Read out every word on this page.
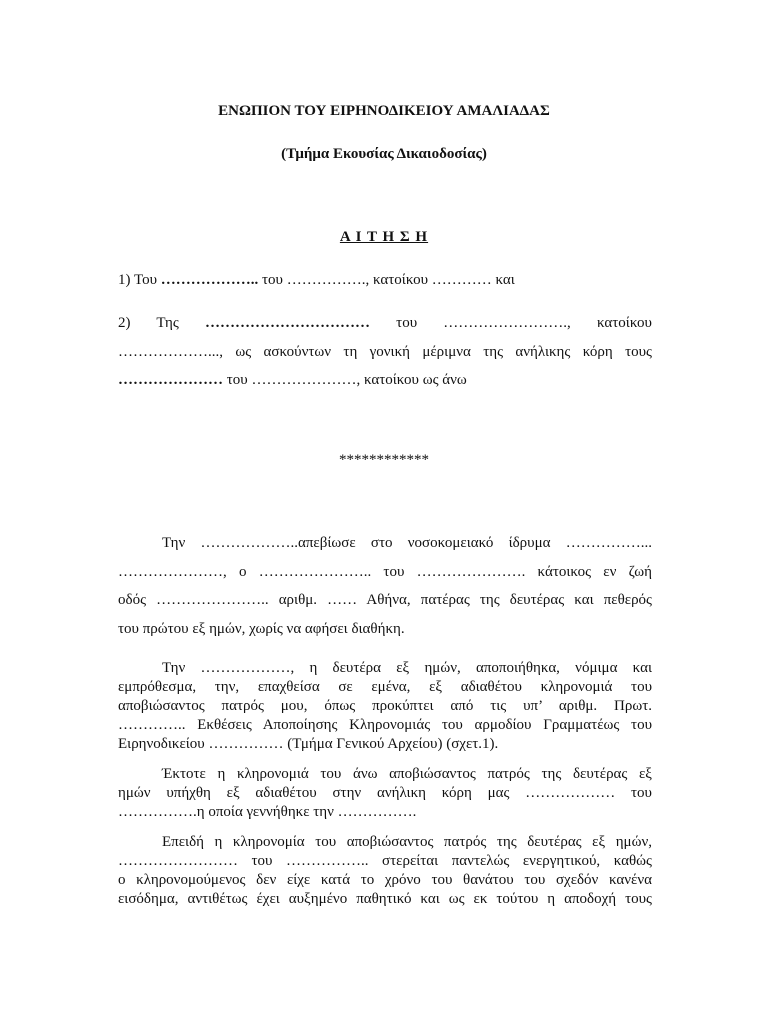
ΕΝΩΠΙΟΝ ΤΟΥ ΕΙΡΗΝΟΔΙΚΕΙΟΥ ΑΜΑΛΙΑΔΑΣ
(Τμήμα Εκουσίας Δικαιοδοσίας)
Α Ι Τ Η Σ Η
1) Του ……………….. του ……………., κατοίκου ………… και
2) Της …………………………… του ……………………., κατοίκου
………………..., ως ασκούντων τη γονική μέριμνα της ανήλικης κόρη τους
………………… του …………………, κατοίκου ως άνω
************
Την ………………..απεβίωσε στο νοσοκομειακό ίδρυμα ……………...
…………………, ο ………………….. του …………………. κάτοικος εν ζωή
οδός ………………….. αριθμ. …… Αθήνα, πατέρας της δευτέρας και πεθερός
του πρώτου εξ ημών, χωρίς να αφήσει διαθήκη.
Την ………………, η δευτέρα εξ ημών, αποποιήθηκα, νόμιμα και
εμπρόθεσμα, την, επαχθείσα σε εμένα, εξ αδιαθέτου κληρονομιά του
αποβιώσαντος πατρός μου, όπως προκύπτει από τις υπ’ αριθμ. Πρωτ.
………….. Εκθέσεις Αποποίησης Κληρονομιάς του αρμοδίου Γραμματέως του
Ειρηνοδικείου …………… (Τμήμα Γενικού Αρχείου) (σχετ.1).
Έκτοτε η κληρονομιά του άνω αποβιώσαντος πατρός της δευτέρας εξ
ημών υπήχθη εξ αδιαθέτου στην ανήλικη κόρη μας ……………… του
…………….η οποία γεννήθηκε την …………….
Επειδή η κληρονομία του αποβιώσαντος πατρός της δευτέρας εξ ημών,
…………………… του …………….. στερείται παντελώς ενεργητικού, καθώς
ο κληρονομούμενος δεν είχε κατά το χρόνο του θανάτου του σχεδόν κανένα
εισόδημα, αντιθέτως έχει αυξημένο παθητικό και ως εκ τούτου η αποδοχή τους
